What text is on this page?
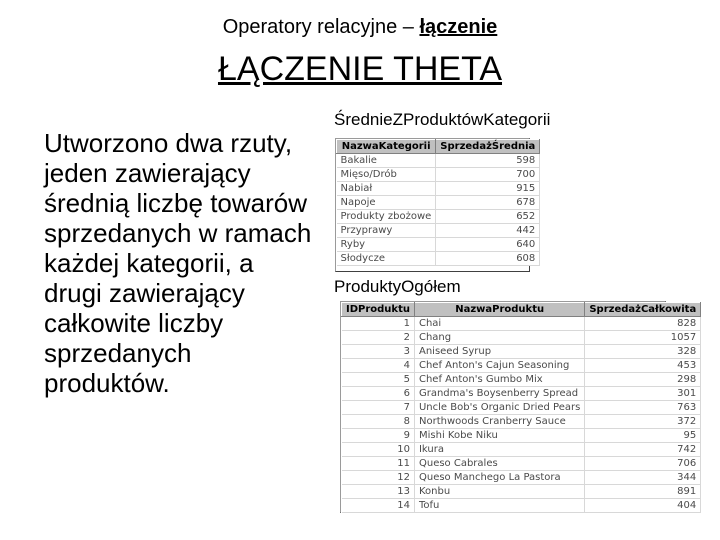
Operatory relacyjne – łączenie
ŁĄCZENIE THETA
Utworzono dwa rzuty, jeden zawierający średnią liczbę towarów sprzedanych w ramach każdej kategorii, a drugi zawierający całkowite liczby sprzedanych produktów.
ŚrednieZProduktówKategorii
NazwaKategorii	SprzedażŚrednia
Bakalie	598
Mięso/Drób	700
Nabiał	915
Napoje	678
Produkty zbożowe	652
Przyprawy	442
Ryby	640
Słodycze	608
ProduktyOgółem
IDProduktu	NazwaProduktu	SprzedażCałkowita
1	Chai	828
2	Chang	1057
3	Aniseed Syrup	328
4	Chef Anton's Cajun Seasoning	453
5	Chef Anton's Gumbo Mix	298
6	Grandma's Boysenberry Spread	301
7	Uncle Bob's Organic Dried Pears	763
8	Northwoods Cranberry Sauce	372
9	Mishi Kobe Niku	95
10	Ikura	742
11	Queso Cabrales	706
12	Queso Manchego La Pastora	344
13	Konbu	891
14	Tofu	404
